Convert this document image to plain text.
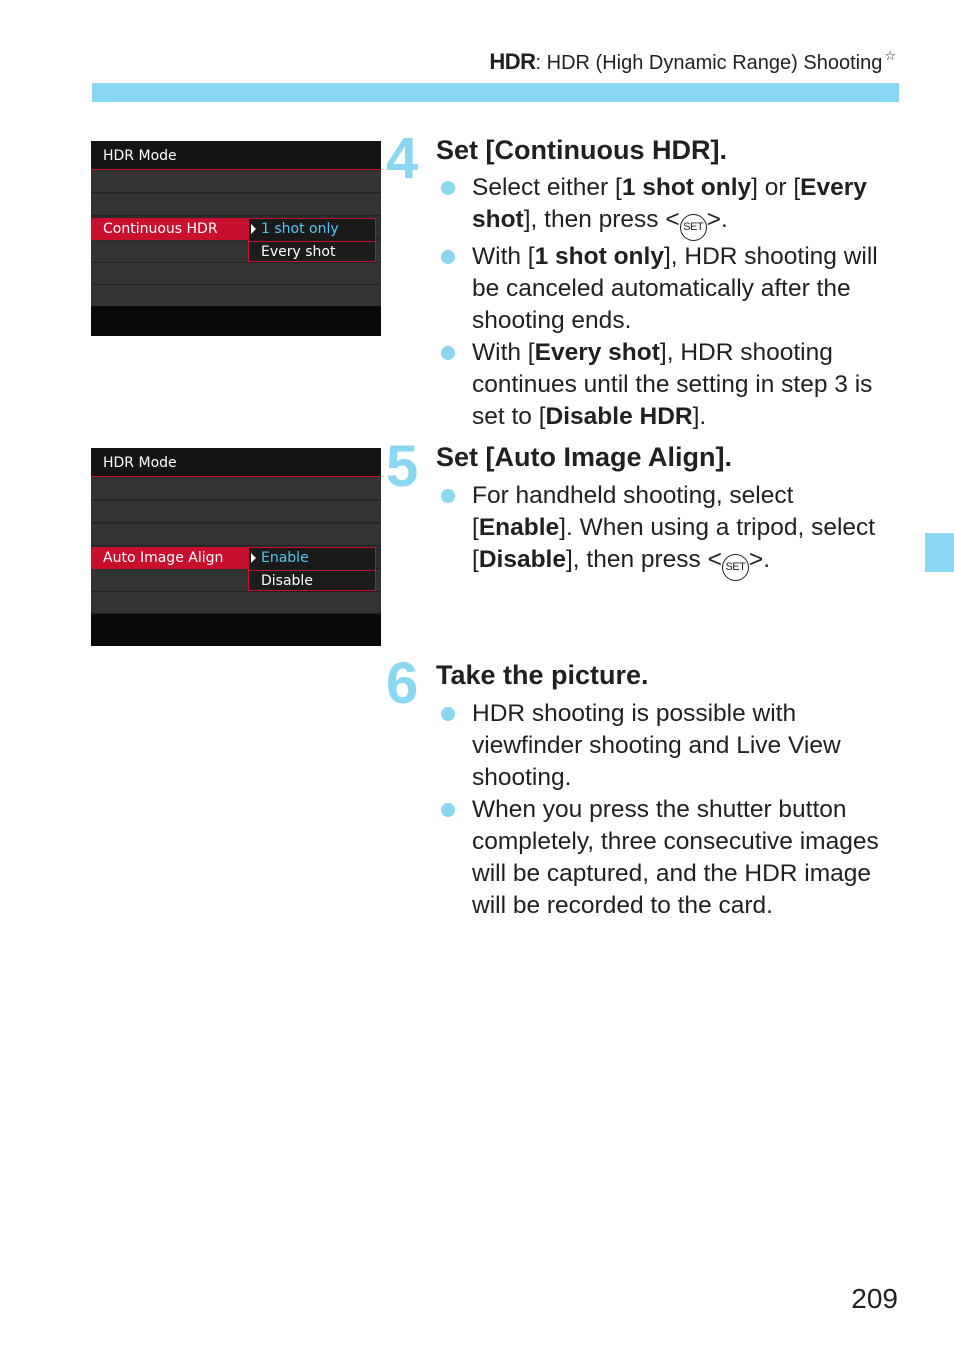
HDR: HDR (High Dynamic Range) Shooting ☆
HDR Mode
Continuous HDR	1 shot only
Every shot
HDR Mode
Auto Image Align	Enable
Disable
4 Set [Continuous HDR].
Select either [1 shot only] or [Every shot], then press < SET >.
With [1 shot only], HDR shooting will be canceled automatically after the shooting ends.
With [Every shot], HDR shooting continues until the setting in step 3 is set to [Disable HDR].
5 Set [Auto Image Align].
For handheld shooting, select [Enable]. When using a tripod, select [Disable], then press < SET >.
6 Take the picture.
HDR shooting is possible with viewfinder shooting and Live View shooting.
When you press the shutter button completely, three consecutive images will be captured, and the HDR image will be recorded to the card.
209
